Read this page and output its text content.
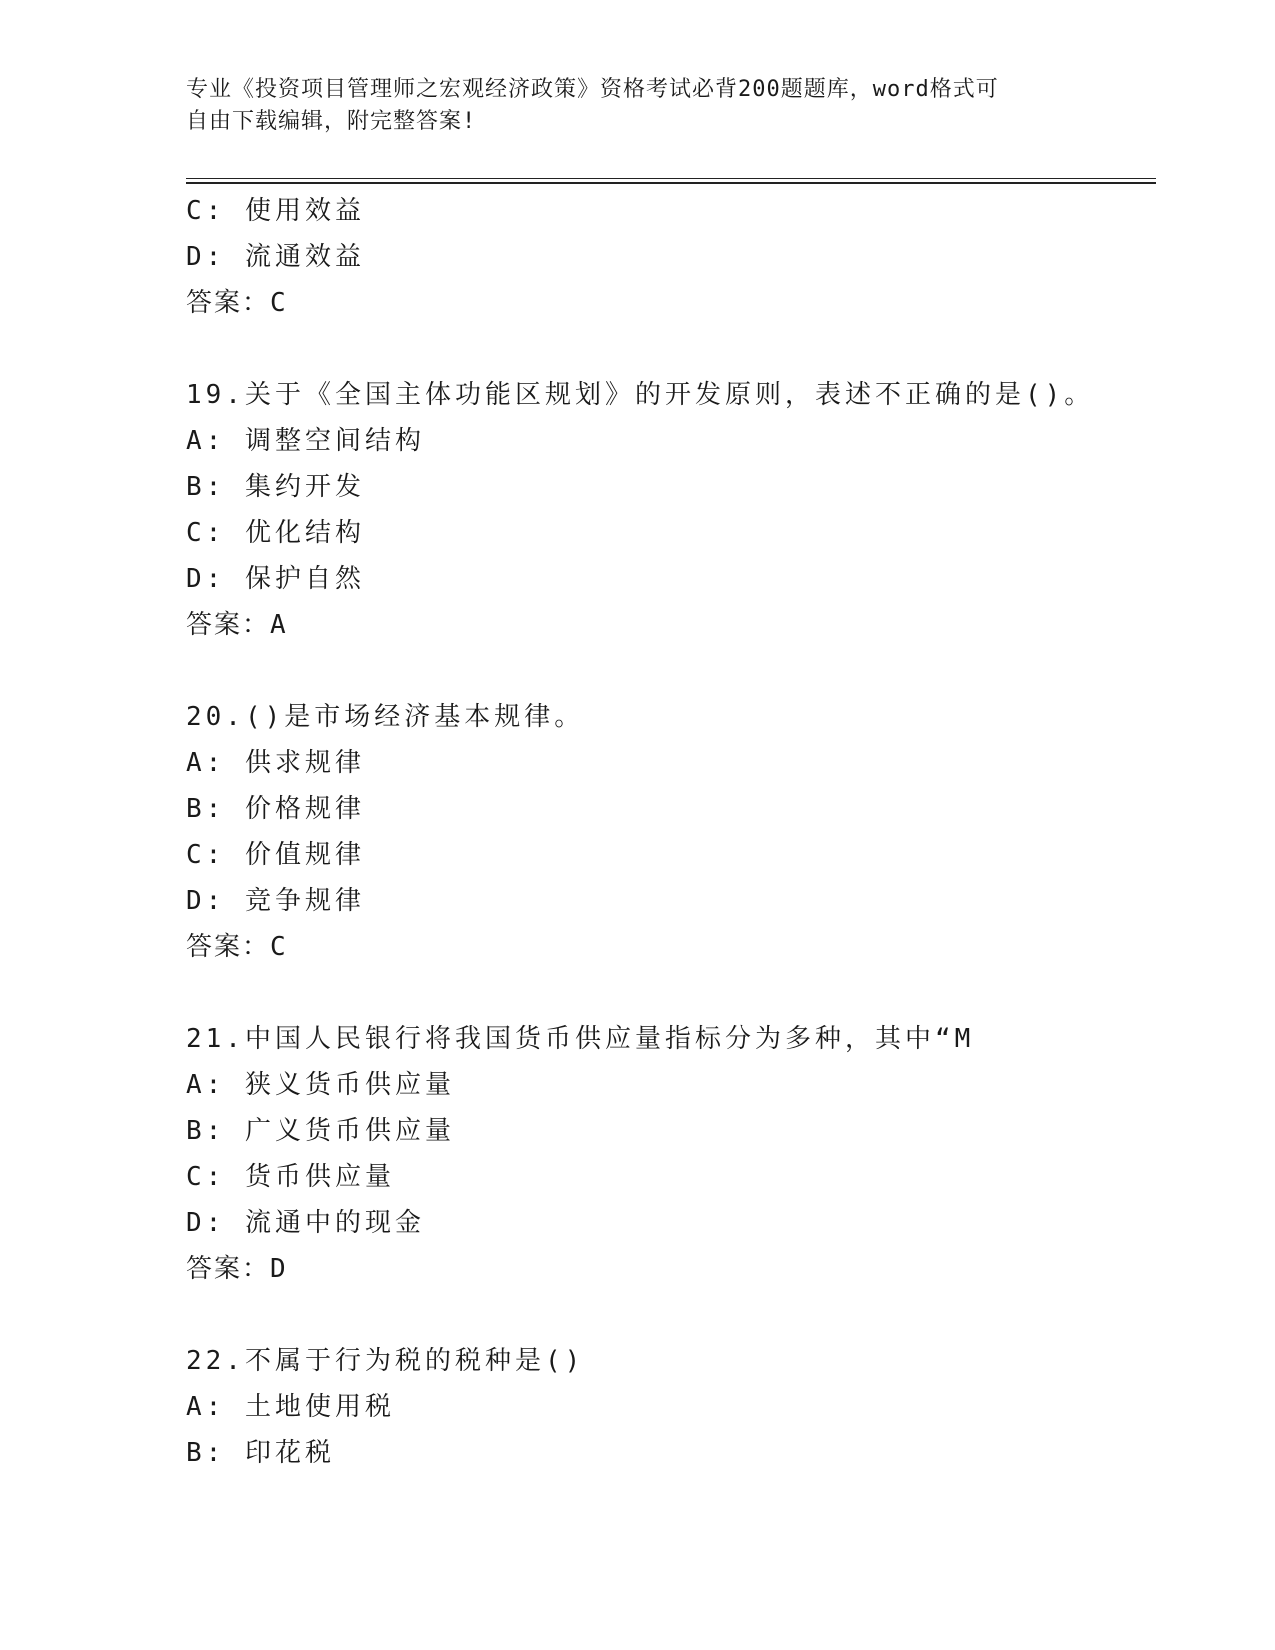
专业《投资项目管理师之宏观经济政策》资格考试必背200题题库，word格式可
自由下载编辑，附完整答案!
C: 使用效益
D: 流通效益
答案：C
19.关于《全国主体功能区规划》的开发原则，表述不正确的是()。
A: 调整空间结构
B: 集约开发
C: 优化结构
D: 保护自然
答案：A
20.()是市场经济基本规律。
A: 供求规律
B: 价格规律
C: 价值规律
D: 竞争规律
答案：C
21.中国人民银行将我国货币供应量指标分为多种，其中“M
A: 狭义货币供应量
B: 广义货币供应量
C: 货币供应量
D: 流通中的现金
答案：D
22.不属于行为税的税种是()
A: 土地使用税
B: 印花税
